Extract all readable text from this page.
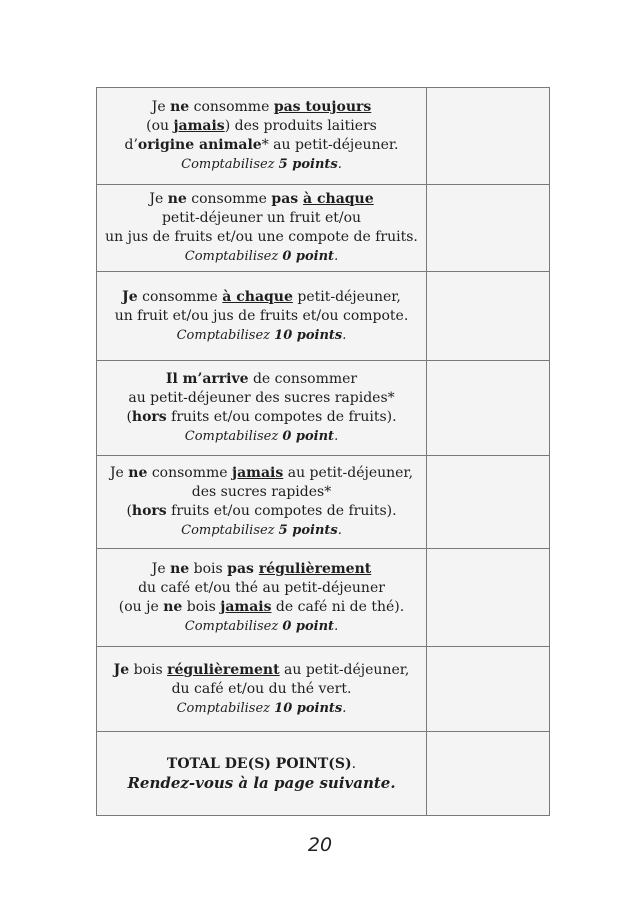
Je ne consomme pas toujours
(ou jamais) des produits laitiers
d’origine animale* au petit-déjeuner.
Comptabilisez 5 points.	

Je ne consomme pas à chaque
petit-déjeuner un fruit et/ou
un jus de fruits et/ou une compote de fruits.
Comptabilisez 0 point.	

Je consomme à chaque petit-déjeuner,
un fruit et/ou jus de fruits et/ou compote.
Comptabilisez 10 points.	

Il m’arrive de consommer
au petit-déjeuner des sucres rapides*
(hors fruits et/ou compotes de fruits).
Comptabilisez 0 point.	

Je ne consomme jamais au petit-déjeuner,
des sucres rapides*
(hors fruits et/ou compotes de fruits).
Comptabilisez 5 points.	

Je ne bois pas régulièrement
du café et/ou thé au petit-déjeuner
(ou je ne bois jamais de café ni de thé).
Comptabilisez 0 point.	

Je bois régulièrement au petit-déjeuner,
du café et/ou du thé vert.
Comptabilisez 10 points.	

TOTAL DE(S) POINT(S).
Rendez-vous à la page suivante.	

20
